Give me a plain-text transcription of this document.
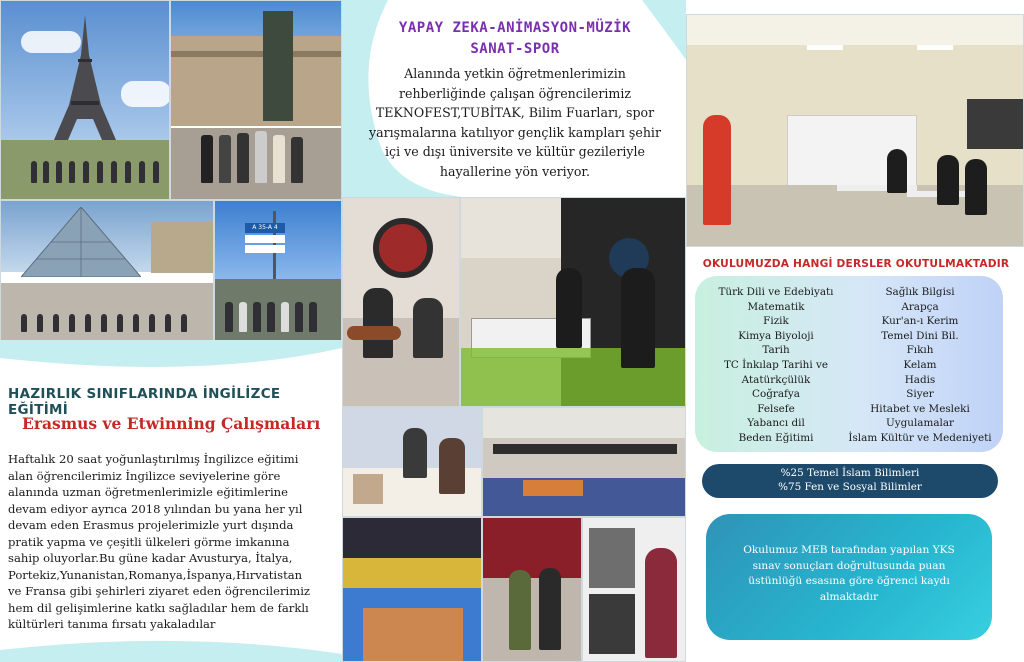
A 35-A 4
YAPAY ZEKA-ANİMASYON-MÜZİK
SANAT-SPOR
Alanında yetkin öğretmenlerimizin
rehberliğinde çalışan öğrencilerimiz
TEKNOFEST,TUBİTAK, Bilim Fuarları, spor
yarışmalarına katılıyor gençlik kampları şehir
içi ve dışı üniversite ve kültür gezileriyle
hayallerine yön veriyor.
HAZIRLIK SINIFLARINDA İNGİLİZCE EĞİTİMİ
Erasmus ve Etwinning Çalışmaları
Haftalık 20 saat yoğunlaştırılmış İngilizce eğitimi
alan öğrencilerimiz İngilizce seviyelerine göre
alanında uzman öğretmenlerimizle eğitimlerine
devam ediyor ayrıca 2018 yılından bu yana her yıl
devam eden Erasmus projelerimizle yurt dışında
pratik yapma ve çeşitli ülkeleri görme imkanına
sahip oluyorlar.Bu güne kadar Avusturya, İtalya,
Portekiz,Yunanistan,Romanya,İspanya,Hırvatistan
ve Fransa gibi şehirleri ziyaret eden öğrencilerimiz
hem dil gelişimlerine katkı sağladılar hem de farklı
kültürleri tanıma fırsatı yakaladılar
OKULUMUZDA HANGİ DERSLER OKUTULMAKTADIR
Türk Dili ve Edebiyatı
Matematik
Fizik
Kimya Biyoloji
Tarih
TC İnkılap Tarihi ve
Atatürkçülük
Coğrafya
Felsefe
Yabancı dil
Beden Eğitimi
Sağlık Bilgisi
Arapça
Kur'an-ı Kerim
Temel Dini Bil.
Fıkıh
Kelam
Hadis
Siyer
Hitabet ve Mesleki
Uygulamalar
İslam Kültür ve Medeniyeti
%25 Temel İslam Bilimleri
%75 Fen ve Sosyal Bilimler
Okulumuz MEB tarafından yapılan YKS
sınav sonuçları doğrultusunda puan
üstünlüğü esasına göre öğrenci kaydı
almaktadır
